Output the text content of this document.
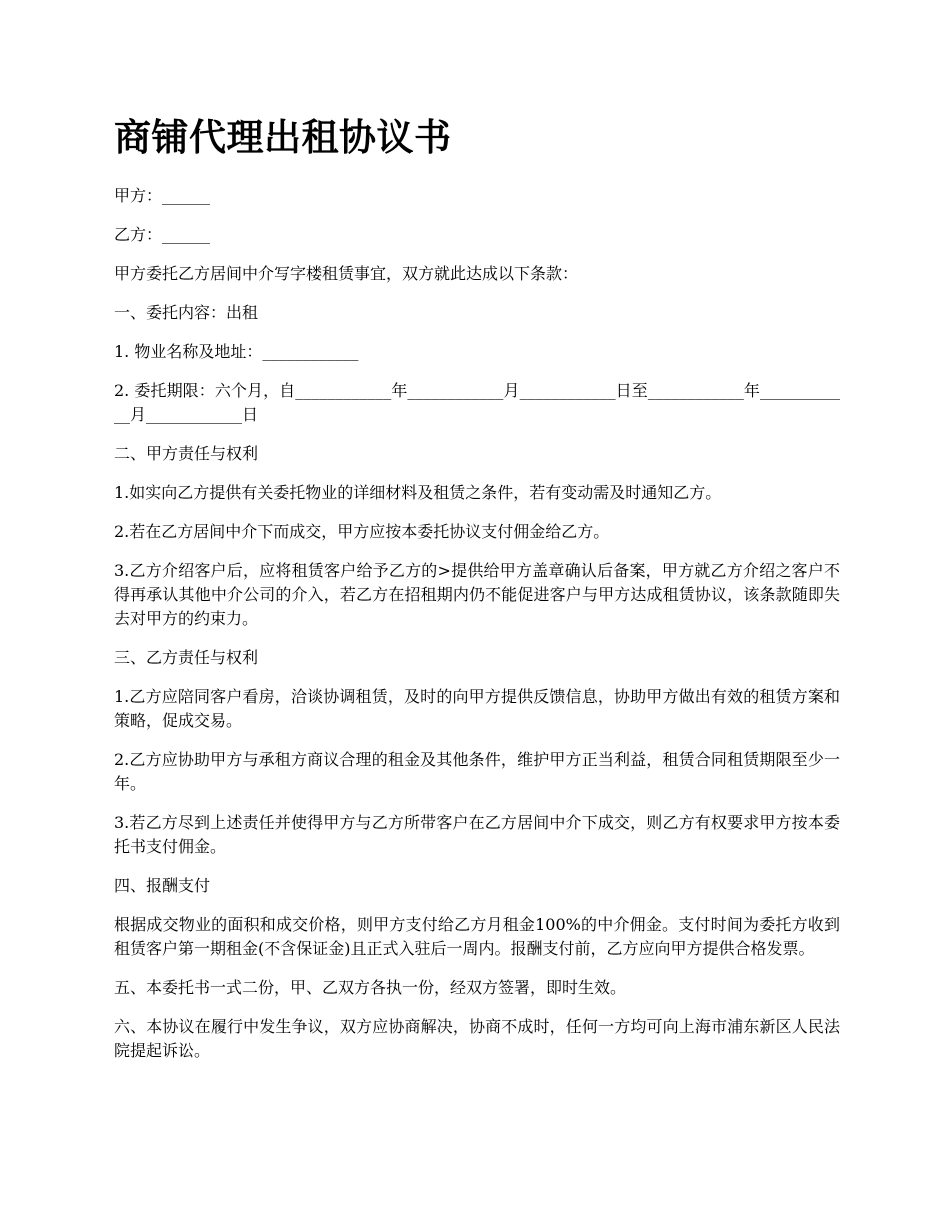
商铺代理出租协议书

甲方：______

乙方：______

甲方委托乙方居间中介写字楼租赁事宜，双方就此达成以下条款：

一、委托内容：出租

1. 物业名称及地址：____________

2. 委托期限：六个月，自____________年____________月____________日至____________年____________月____________日

二、甲方责任与权利

1.如实向乙方提供有关委托物业的详细材料及租赁之条件，若有变动需及时通知乙方。

2.若在乙方居间中介下而成交，甲方应按本委托协议支付佣金给乙方。

3.乙方介绍客户后，应将租赁客户给予乙方的>提供给甲方盖章确认后备案，甲方就乙方介绍之客户不得再承认其他中介公司的介入，若乙方在招租期内仍不能促进客户与甲方达成租赁协议，该条款随即失去对甲方的约束力。

三、乙方责任与权利

1.乙方应陪同客户看房，洽谈协调租赁，及时的向甲方提供反馈信息，协助甲方做出有效的租赁方案和策略，促成交易。

2.乙方应协助甲方与承租方商议合理的租金及其他条件，维护甲方正当利益，租赁合同租赁期限至少一年。

3.若乙方尽到上述责任并使得甲方与乙方所带客户在乙方居间中介下成交，则乙方有权要求甲方按本委托书支付佣金。

四、报酬支付

根据成交物业的面积和成交价格，则甲方支付给乙方月租金100%的中介佣金。支付时间为委托方收到租赁客户第一期租金(不含保证金)且正式入驻后一周内。报酬支付前，乙方应向甲方提供合格发票。

五、本委托书一式二份，甲、乙双方各执一份，经双方签署，即时生效。

六、本协议在履行中发生争议，双方应协商解决，协商不成时，任何一方均可向上海市浦东新区人民法院提起诉讼。
